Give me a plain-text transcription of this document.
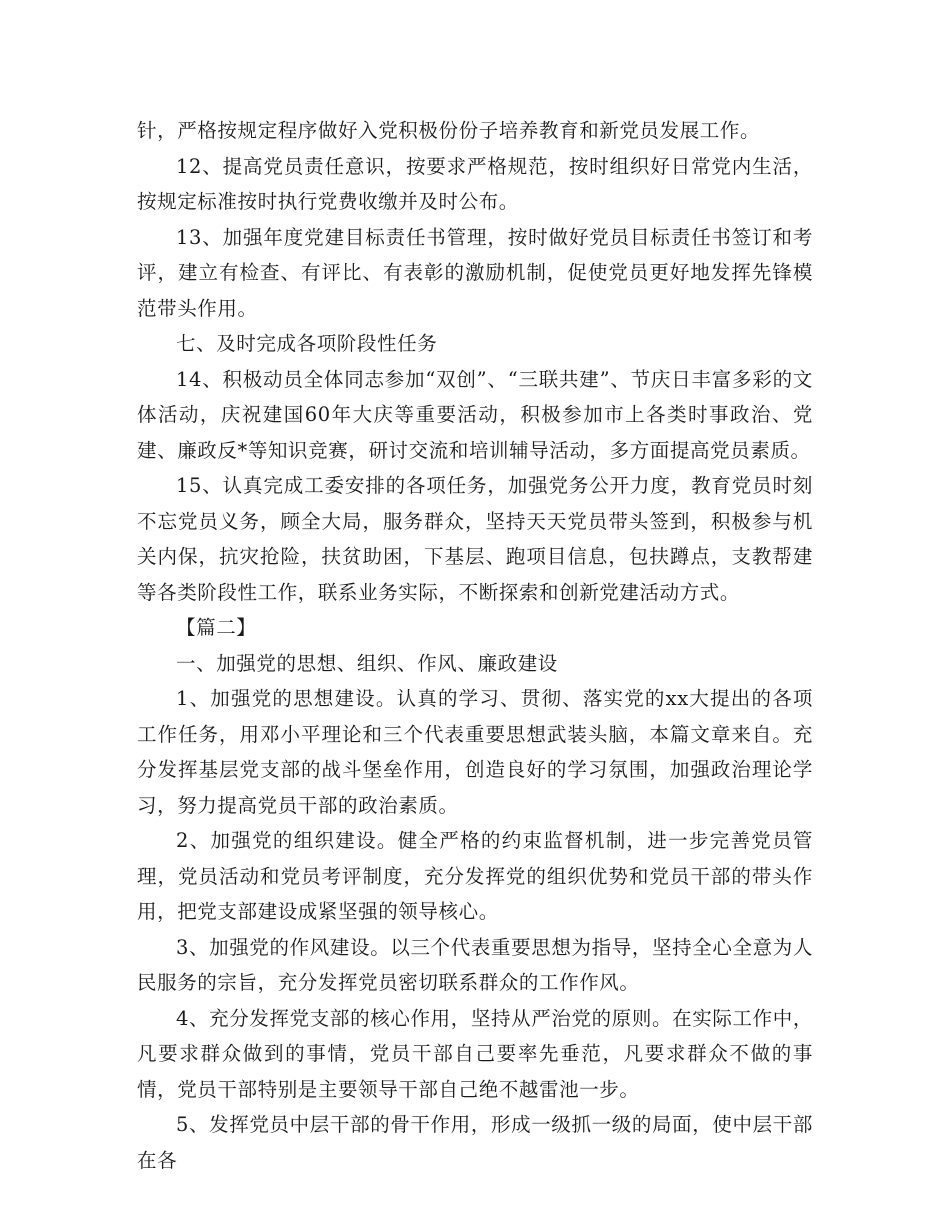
针，严格按规定程序做好入党积极份份子培养教育和新党员发展工作。

12、提高党员责任意识，按要求严格规范，按时组织好日常党内生活，按规定标准按时执行党费收缴并及时公布。

13、加强年度党建目标责任书管理，按时做好党员目标责任书签订和考评，建立有检查、有评比、有表彰的激励机制，促使党员更好地发挥先锋模范带头作用。

七、及时完成各项阶段性任务

14、积极动员全体同志参加“双创”、“三联共建”、节庆日丰富多彩的文体活动，庆祝建国60年大庆等重要活动，积极参加市上各类时事政治、党建、廉政反*等知识竞赛，研讨交流和培训辅导活动，多方面提高党员素质。

15、认真完成工委安排的各项任务，加强党务公开力度，教育党员时刻不忘党员义务，顾全大局，服务群众，坚持天天党员带头签到，积极参与机关内保，抗灾抢险，扶贫助困，下基层、跑项目信息，包扶蹲点，支教帮建等各类阶段性工作，联系业务实际，不断探索和创新党建活动方式。

【篇二】

一、加强党的思想、组织、作风、廉政建设

1、加强党的思想建设。认真的学习、贯彻、落实党的xx大提出的各项工作任务，用邓小平理论和三个代表重要思想武装头脑，本篇文章来自。充分发挥基层党支部的战斗堡垒作用，创造良好的学习氛围，加强政治理论学习，努力提高党员干部的政治素质。

2、加强党的组织建设。健全严格的约束监督机制，进一步完善党员管理，党员活动和党员考评制度，充分发挥党的组织优势和党员干部的带头作用，把党支部建设成紧坚强的领导核心。

3、加强党的作风建设。以三个代表重要思想为指导，坚持全心全意为人民服务的宗旨，充分发挥党员密切联系群众的工作作风。

4、充分发挥党支部的核心作用，坚持从严治党的原则。在实际工作中，凡要求群众做到的事情，党员干部自己要率先垂范，凡要求群众不做的事情，党员干部特别是主要领导干部自己绝不越雷池一步。

5、发挥党员中层干部的骨干作用，形成一级抓一级的局面，使中层干部在各
